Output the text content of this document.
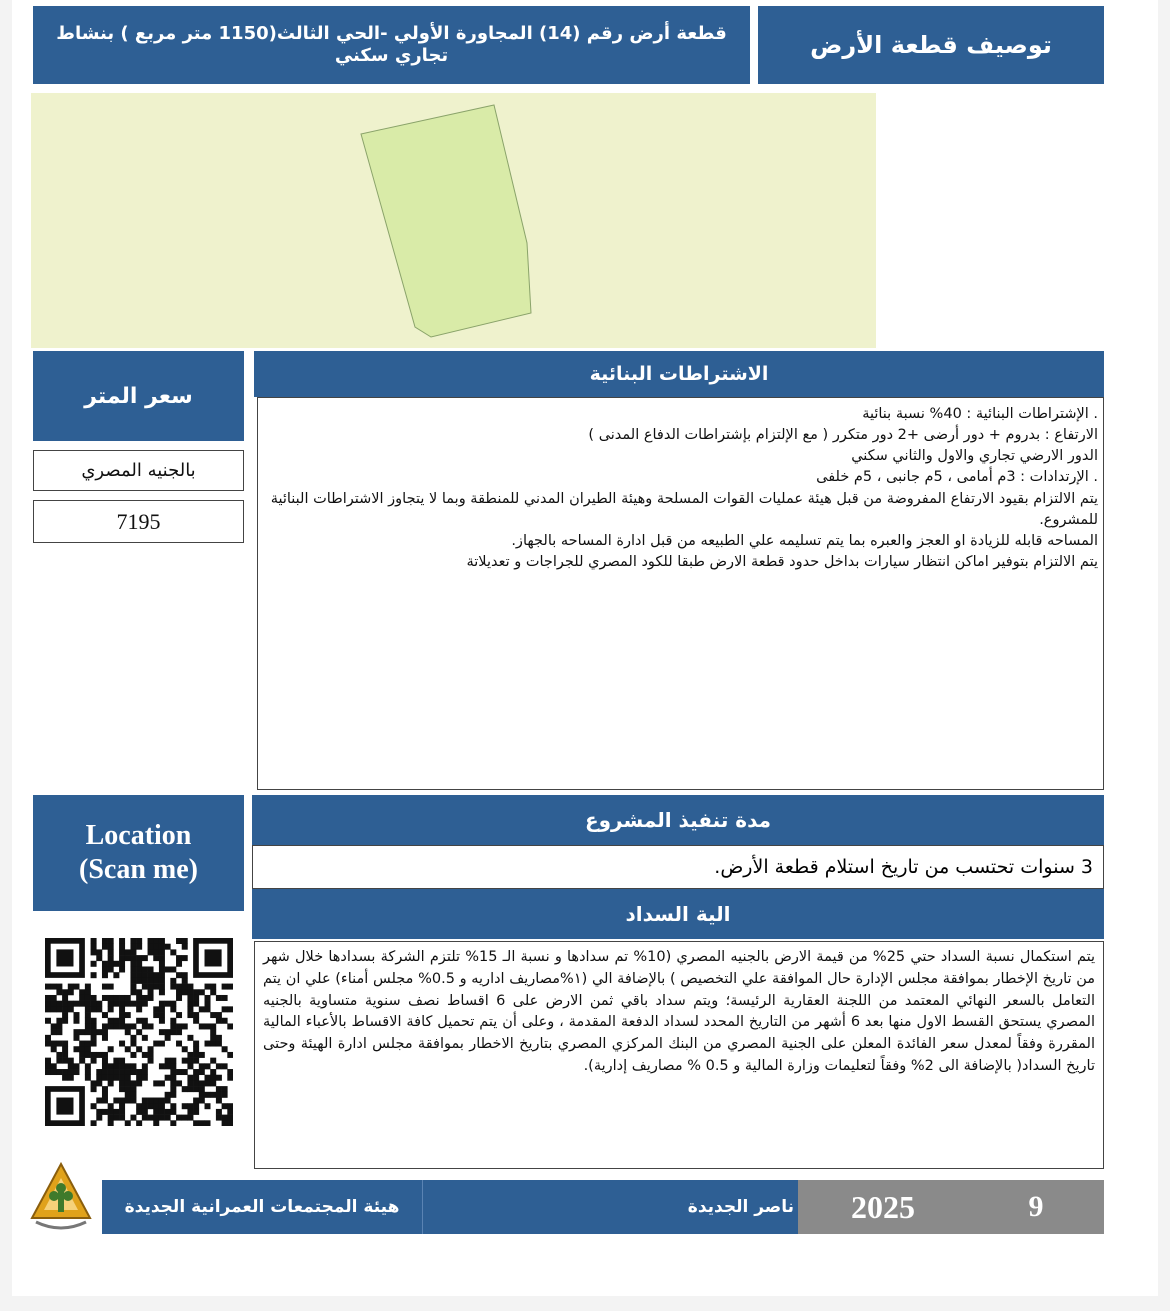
توصيف قطعة الأرض
قطعة أرض رقم (14) المجاورة الأولي -الحي الثالث(1150 متر مربع ) بنشاط تجاري سكني
سعر المتر
بالجنيه المصري
7195
الاشتراطات البنائية
. الإشتراطات البنائية : 40% نسبة بنائية
الارتفاع : بدروم + دور أرضى +2 دور متكرر ( مع الإلتزام بإشتراطات الدفاع المدنى )
الدور الارضي تجاري والاول والثاني سكني
. الإرتدادات : 3م أمامى ، 5م جانبى ، 5م خلفى
يتم الالتزام بقيود الارتفاع المفروضة من قبل هيئة عمليات القوات المسلحة وهيئة الطيران المدني للمنطقة وبما لا يتجاوز الاشتراطات البنائية للمشروع.
المساحه قابله للزيادة او العجز والعبره بما يتم تسليمه علي الطبيعه من قبل ادارة المساحه بالجهاز.
يتم الالتزام بتوفير اماكن انتظار سيارات بداخل حدود قطعة الارض طبقا للكود المصري للجراجات و تعديلاتة
Location
(Scan me)
مدة تنفيذ المشروع
3 سنوات تحتسب من تاريخ استلام قطعة الأرض.
الية السداد
يتم استكمال نسبة السداد حتي 25% من قيمة الارض بالجنيه المصري (10% تم سدادها و نسبة الـ 15% تلتزم الشركة بسدادها خلال شهر من تاريخ الإخطار بموافقة مجلس الإدارة حال الموافقة علي التخصيص ) بالإضافة الي (١%مصاريف اداريه و 0.5% مجلس أمناء) علي ان يتم التعامل بالسعر النهائي المعتمد من اللجنة العقارية الرئيسة؛ ويتم سداد باقي ثمن الارض على 6 اقساط نصف سنوية متساوية بالجنيه المصري يستحق القسط الاول منها بعد 6 أشهر من التاريخ المحدد لسداد الدفعة المقدمة ، وعلى أن يتم تحميل كافة الاقساط بالأعباء المالية المقررة وفقاً لمعدل سعر الفائدة المعلن على الجنية المصري من البنك المركزي المصري بتاريخ الاخطار بموافقة مجلس ادارة الهيئة وحتى تاريخ السداد( بالإضافة الى 2% وفقاً لتعليمات وزارة المالية و 0.5 % مصاريف إدارية).
هيئة المجتمعات العمرانية الجديدة	ناصر الجديدة	2025	9
